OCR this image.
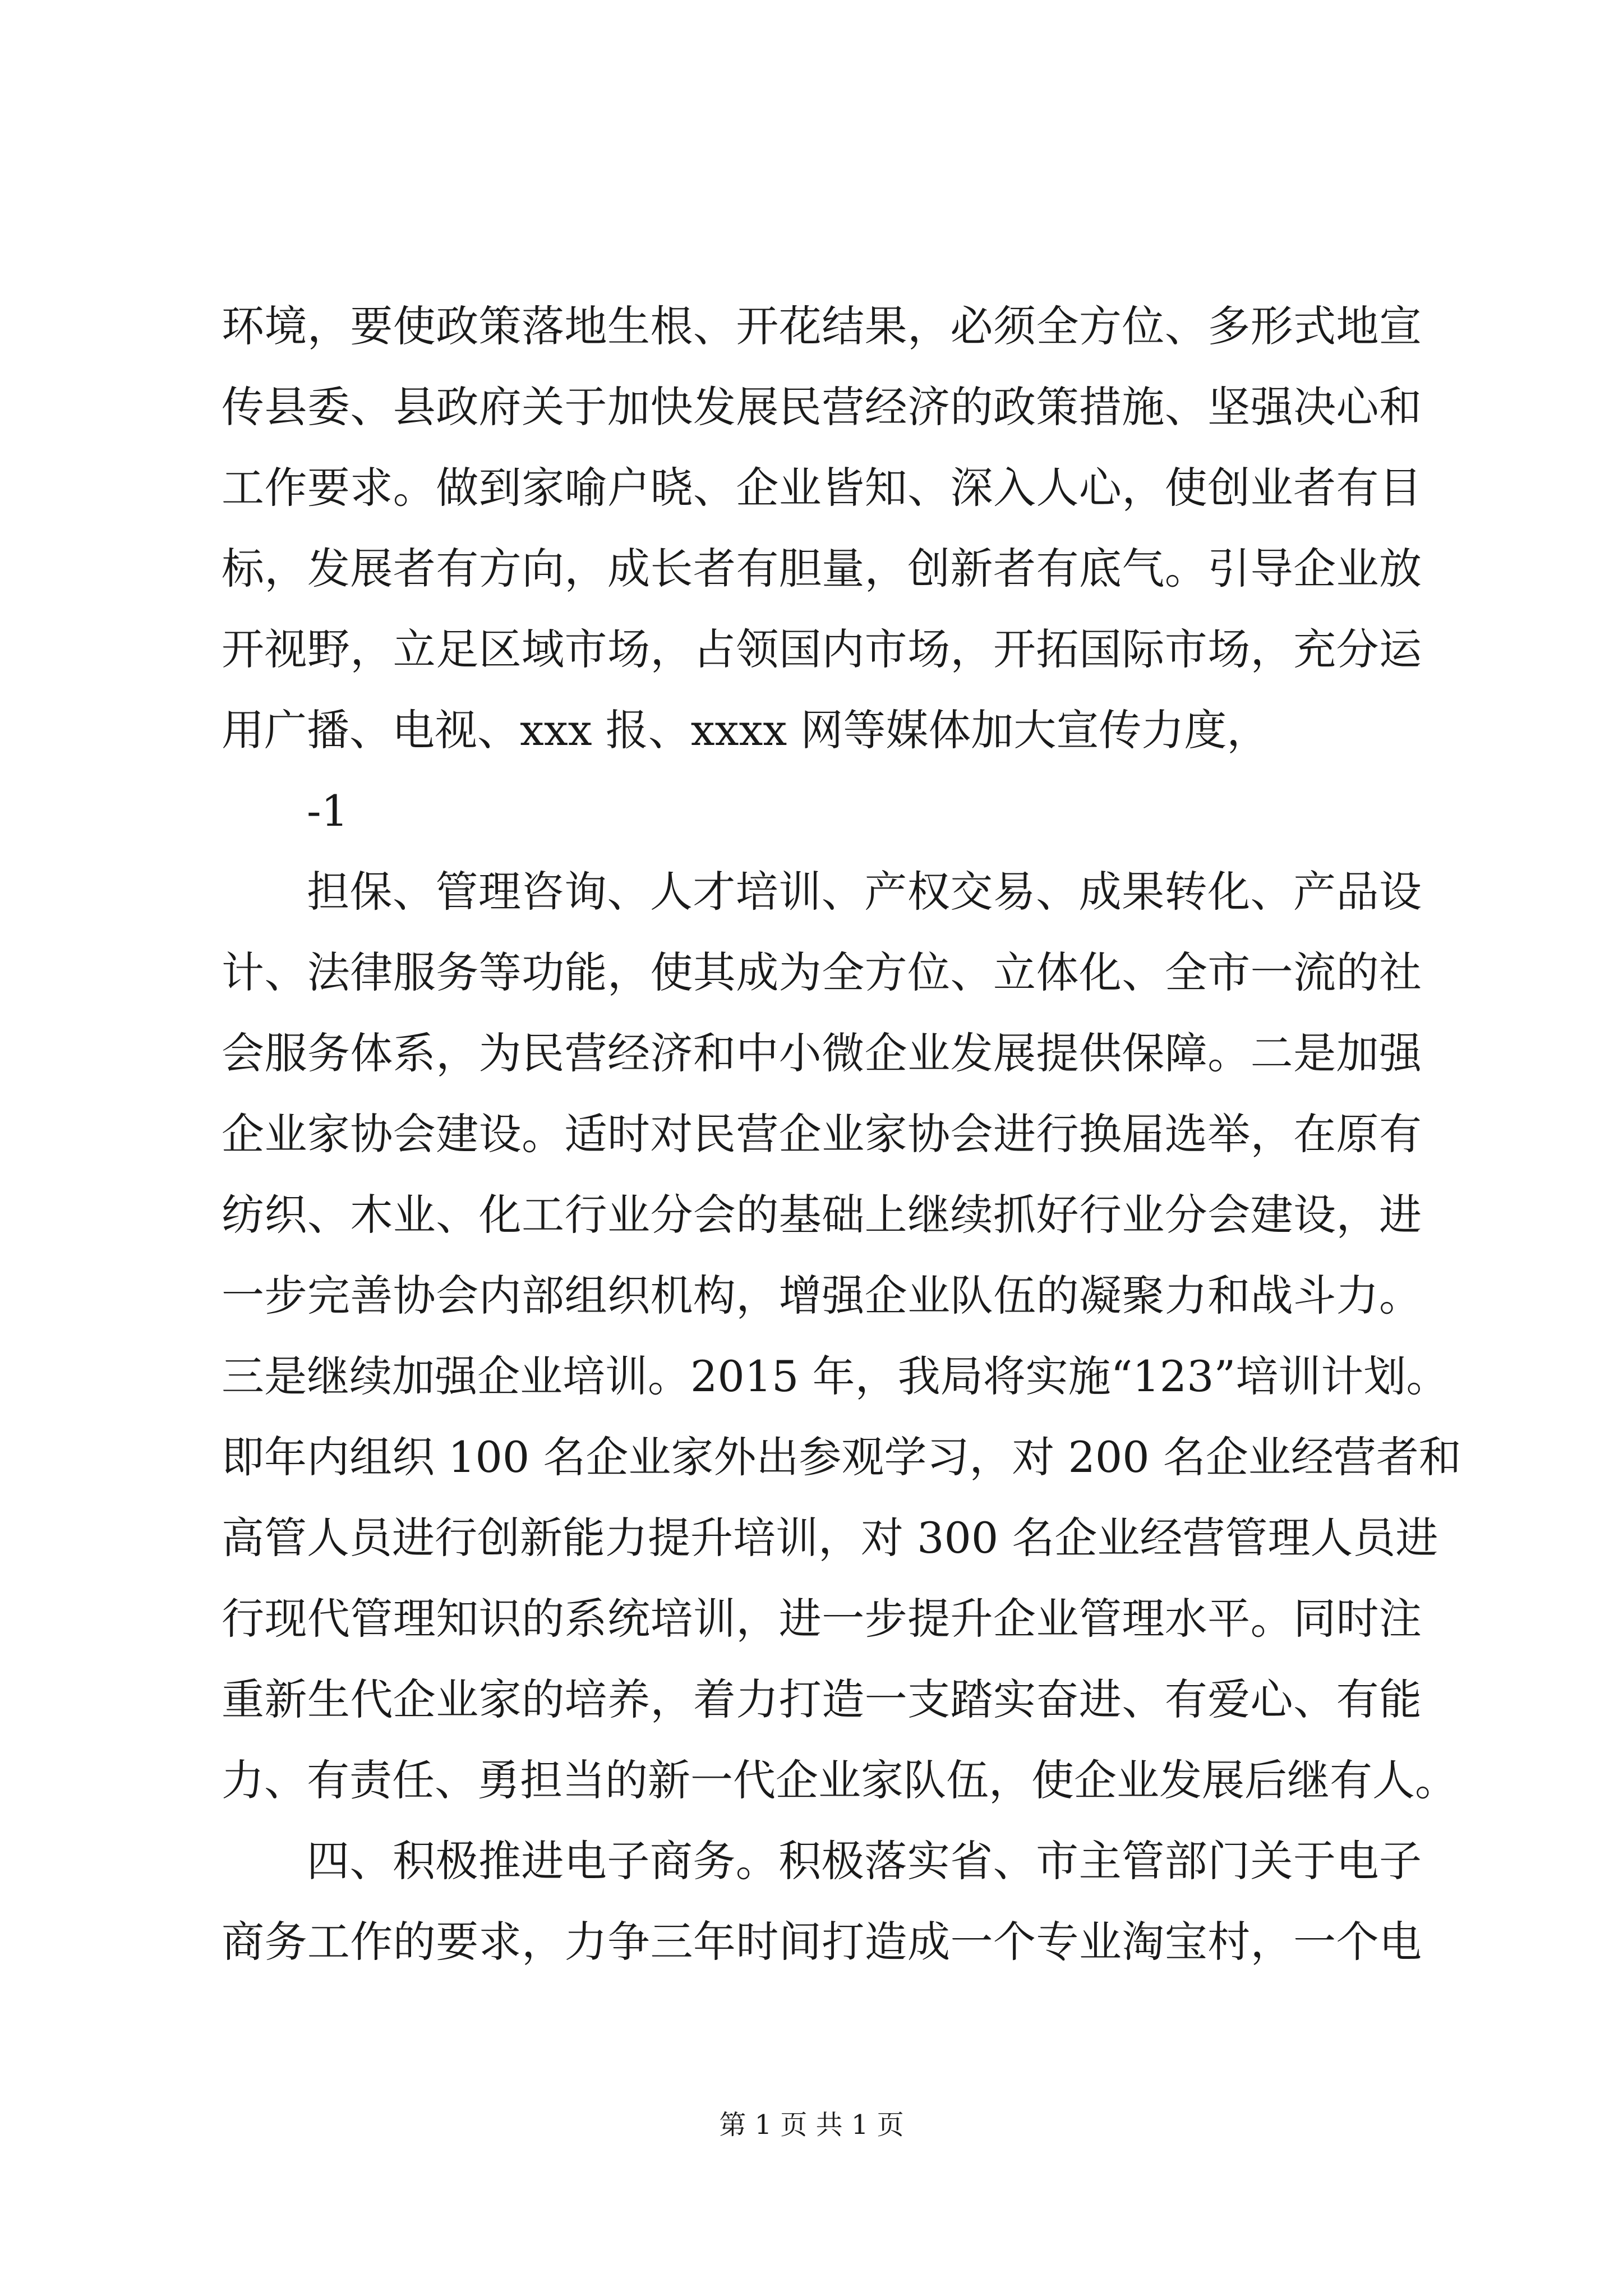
环境，要使政策落地生根、开花结果，必须全方位、多形式地宣
传县委、县政府关于加快发展民营经济的政策措施、坚强决心和
工作要求。做到家喻户晓、企业皆知、深入人心，使创业者有目
标，发展者有方向，成长者有胆量，创新者有底气。引导企业放
开视野，立足区域市场，占领国内市场，开拓国际市场，充分运
用广播、电视、xxx 报、xxxx 网等媒体加大宣传力度，
-1
担保、管理咨询、人才培训、产权交易、成果转化、产品设
计、法律服务等功能，使其成为全方位、立体化、全市一流的社
会服务体系，为民营经济和中小微企业发展提供保障。二是加强
企业家协会建设。适时对民营企业家协会进行换届选举，在原有
纺织、木业、化工行业分会的基础上继续抓好行业分会建设，进
一步完善协会内部组织机构，增强企业队伍的凝聚力和战斗力。
三是继续加强企业培训。2015 年，我局将实施“123”培训计划。
即年内组织 100 名企业家外出参观学习，对 200 名企业经营者和
高管人员进行创新能力提升培训，对 300 名企业经营管理人员进
行现代管理知识的系统培训，进一步提升企业管理水平。同时注
重新生代企业家的培养，着力打造一支踏实奋进、有爱心、有能
力、有责任、勇担当的新一代企业家队伍，使企业发展后继有人。
四、积极推进电子商务。积极落实省、市主管部门关于电子
商务工作的要求，力争三年时间打造成一个专业淘宝村，一个电
第 1 页 共 1 页
